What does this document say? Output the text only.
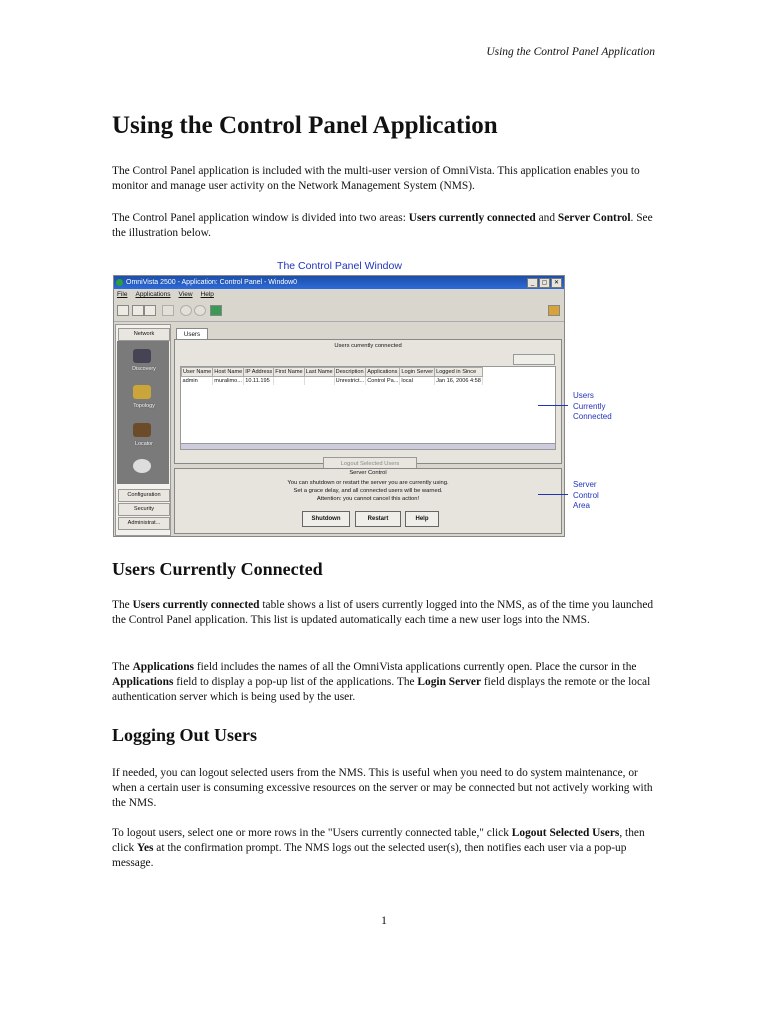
Using the Control Panel Application
Using the Control Panel Application

The Control Panel application is included with the multi-user version of OmniVista. This application enables you to monitor and manage user activity on the Network Management System (NMS).

The Control Panel application window is divided into two areas: Users currently connected and Server Control. See the illustration below.

The Control Panel Window
OmniVista 2500 - Application: Control Panel - Window0	_	▢	✕
File Applications View Help
Network
Discovery
Topology
Locator
Configuration
Security
Administrat...
Users
Users currently connected
User Name	Host Name	IP Address	First Name	Last Name	Description	Applications	Login Server	Logged in Since
admin	muralimo...	10.11.195			Unrestrict...	Control Pa...	local	Jan 16, 2006 4:58
Logout Selected Users
Server Control
You can shutdown or restart the server you are currently using.
Set a grace delay, and all connected users will be warned.
Attention: you cannot cancel this action!
Shutdown	Restart	Help
Users
Currently
Connected
Server
Control
Area
Users Currently Connected

The Users currently connected table shows a list of users currently logged into the NMS, as of the time you launched the Control Panel application. This list is updated automatically each time a new user logs into the NMS.

The Applications field includes the names of all the OmniVista applications currently open. Place the cursor in the Applications field to display a pop-up list of the applications. The Login Server field displays the remote or the local authentication server which is being used by the user.

Logging Out Users

If needed, you can logout selected users from the NMS. This is useful when you need to do system maintenance, or when a certain user is consuming excessive resources on the server or may be connected but not actively working with the NMS.

To logout users, select one or more rows in the "Users currently connected table," click Logout Selected Users, then click Yes at the confirmation prompt. The NMS logs out the selected user(s), then notifies each user via a pop-up message.

1
